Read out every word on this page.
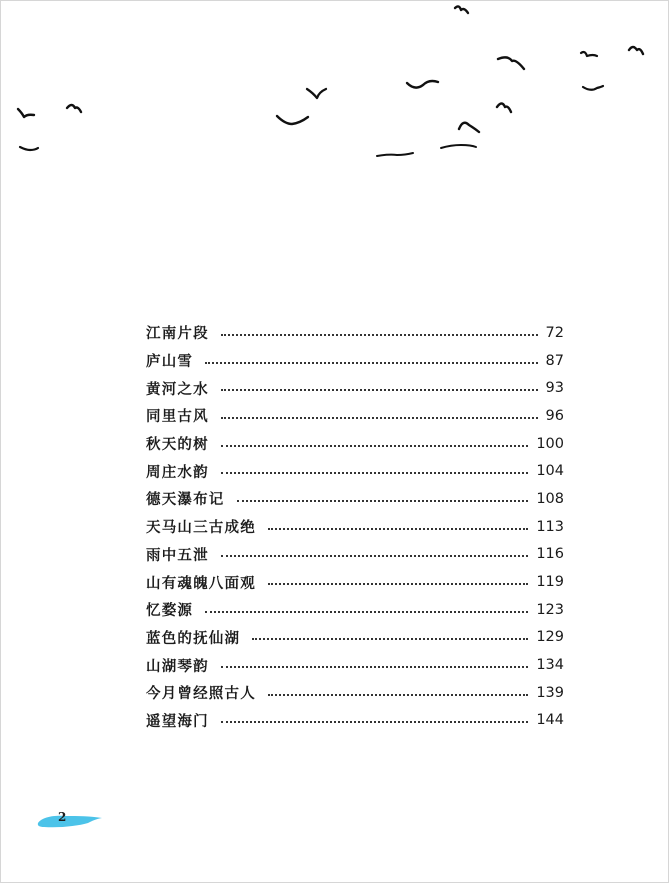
江南片段	72
庐山雪	87
黄河之水	93
同里古风	96
秋天的树	100
周庄水韵	104
德天瀑布记	108
天马山三古成绝	113
雨中五泄	116
山有魂魄八面观	119
忆婺源	123
蓝色的抚仙湖	129
山湖琴韵	134
今月曾经照古人	139
遥望海门	144
2
